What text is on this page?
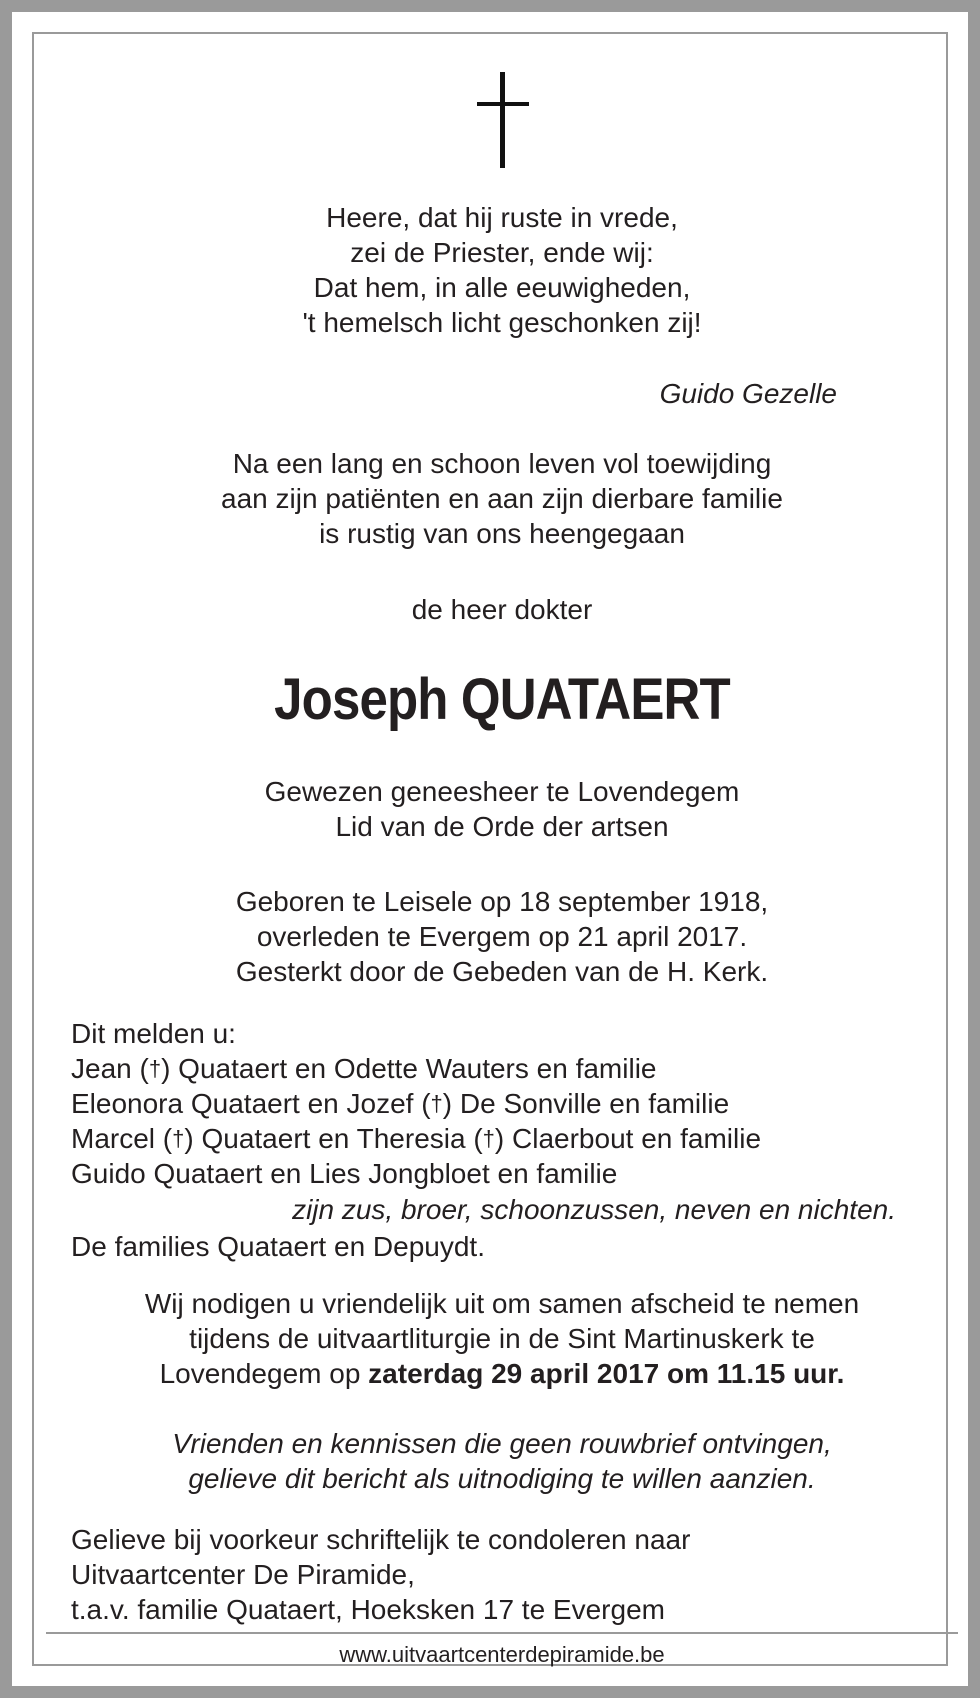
Heere, dat hij ruste in vrede,
zei de Priester, ende wij:
Dat hem, in alle eeuwigheden,
't hemelsch licht geschonken zij!
Guido Gezelle
Na een lang en schoon leven vol toewijding
aan zijn patiënten en aan zijn dierbare familie
is rustig van ons heengegaan
de heer dokter
Joseph QUATAERT
Gewezen geneesheer te Lovendegem
Lid van de Orde der artsen
Geboren te Leisele op 18 september 1918,
overleden te Evergem op 21 april 2017.
Gesterkt door de Gebeden van de H. Kerk.
Dit melden u:
Jean (†) Quataert en Odette Wauters en familie
Eleonora Quataert en Jozef (†) De Sonville en familie
Marcel (†) Quataert en Theresia (†) Claerbout en familie
Guido Quataert en Lies Jongbloet en familie
zijn zus, broer, schoonzussen, neven en nichten.
De families Quataert en Depuydt.
Wij nodigen u vriendelijk uit om samen afscheid te nemen
tijdens de uitvaartliturgie in de Sint Martinuskerk te
Lovendegem op zaterdag 29 april 2017 om 11.15 uur.
Vrienden en kennissen die geen rouwbrief ontvingen,
gelieve dit bericht als uitnodiging te willen aanzien.
Gelieve bij voorkeur schriftelijk te condoleren naar
Uitvaartcenter De Piramide,
t.a.v. familie Quataert, Hoeksken 17 te Evergem
www.uitvaartcenterdepiramide.be
